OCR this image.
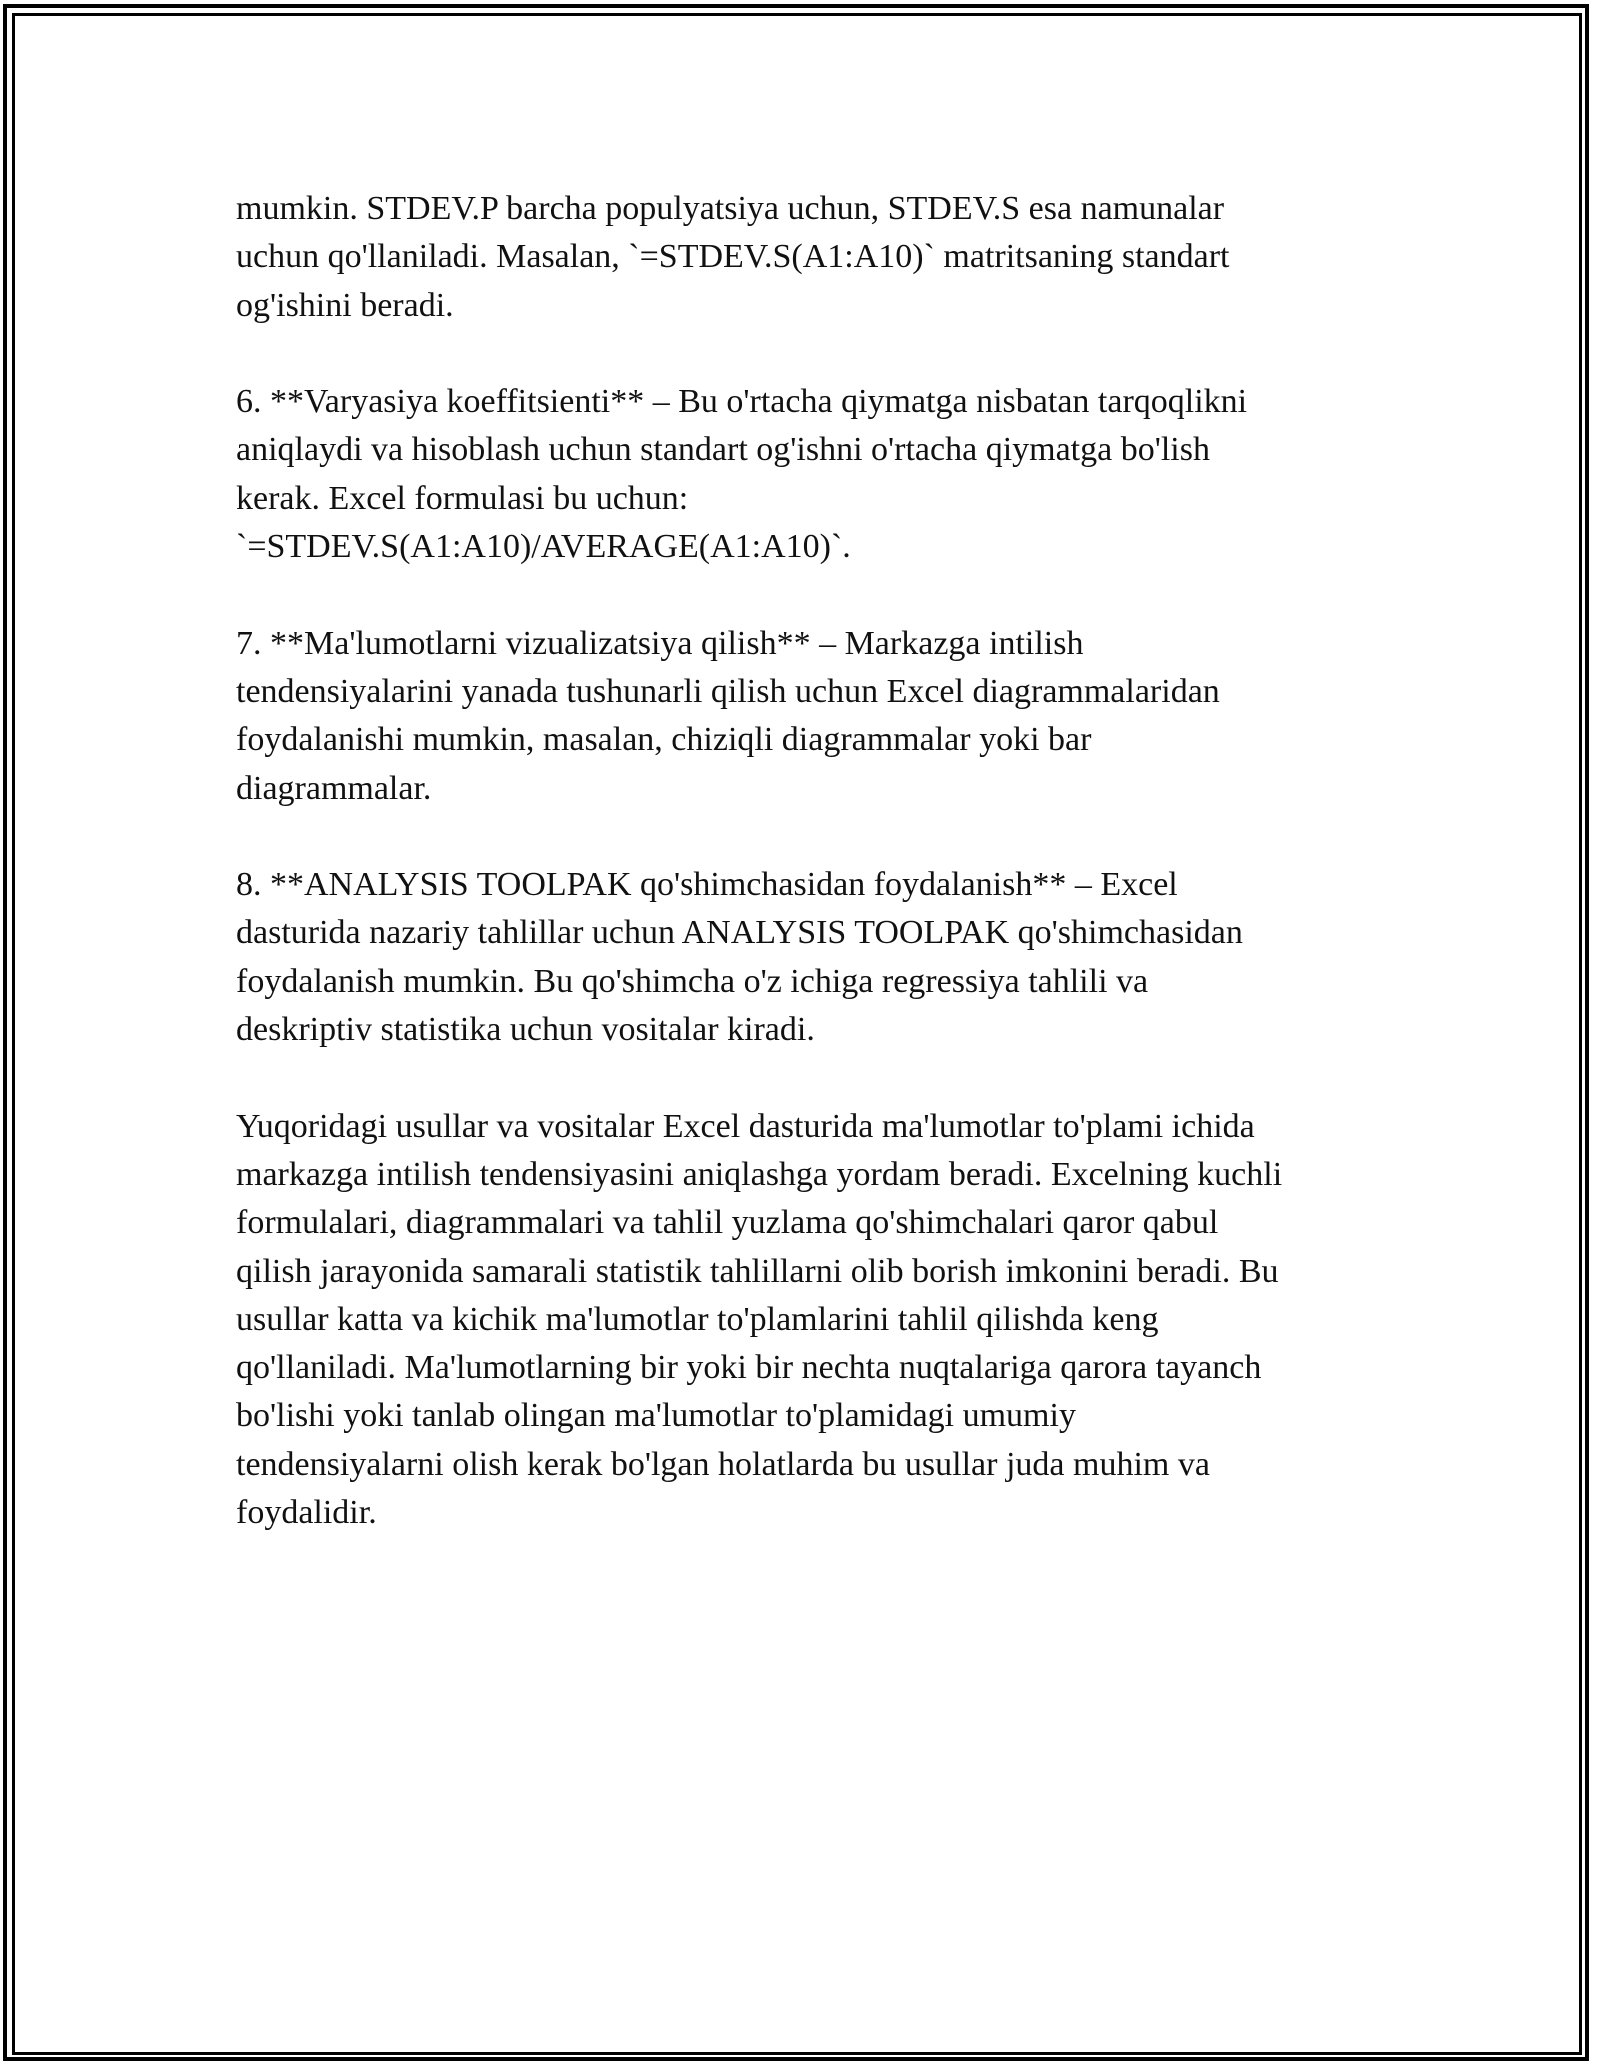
mumkin. STDEV.P barcha populyatsiya uchun, STDEV.S esa namunalar
uchun qo'llaniladi. Masalan, `=STDEV.S(A1:A10)` matritsaning standart
og'ishini beradi.
6. **Varyasiya koeffitsienti** – Bu o'rtacha qiymatga nisbatan tarqoqlikni
aniqlaydi va hisoblash uchun standart og'ishni o'rtacha qiymatga bo'lish
kerak. Excel formulasi bu uchun:
`=STDEV.S(A1:A10)/AVERAGE(A1:A10)`.
7. **Ma'lumotlarni vizualizatsiya qilish** – Markazga intilish
tendensiyalarini yanada tushunarli qilish uchun Excel diagrammalaridan
foydalanishi mumkin, masalan, chiziqli diagrammalar yoki bar
diagrammalar.
8. **ANALYSIS TOOLPAK qo'shimchasidan foydalanish** – Excel
dasturida nazariy tahlillar uchun ANALYSIS TOOLPAK qo'shimchasidan
foydalanish mumkin. Bu qo'shimcha o'z ichiga regressiya tahlili va
deskriptiv statistika uchun vositalar kiradi.
Yuqoridagi usullar va vositalar Excel dasturida ma'lumotlar to'plami ichida
markazga intilish tendensiyasini aniqlashga yordam beradi. Excelning kuchli
formulalari, diagrammalari va tahlil yuzlama qo'shimchalari qaror qabul
qilish jarayonida samarali statistik tahlillarni olib borish imkonini beradi. Bu
usullar katta va kichik ma'lumotlar to'plamlarini tahlil qilishda keng
qo'llaniladi. Ma'lumotlarning bir yoki bir nechta nuqtalariga qarora tayanch
bo'lishi yoki tanlab olingan ma'lumotlar to'plamidagi umumiy
tendensiyalarni olish kerak bo'lgan holatlarda bu usullar juda muhim va
foydalidir.
